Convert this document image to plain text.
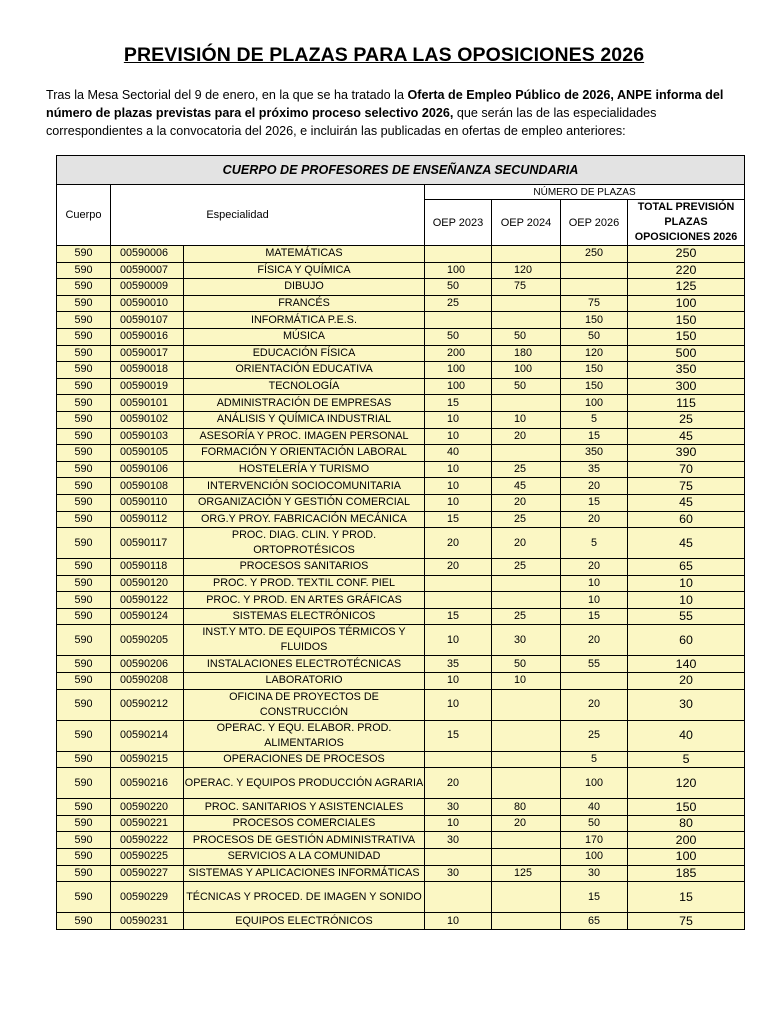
PREVISIÓN DE PLAZAS PARA LAS OPOSICIONES 2026
Tras la Mesa Sectorial del 9 de enero, en la que se ha tratado la Oferta de Empleo Público de 2026, ANPE informa del número de plazas previstas para el próximo proceso selectivo 2026, que serán las de las especialidades correspondientes a la convocatoria del 2026, e incluirán las publicadas en ofertas de empleo anteriores:
CUERPO DE PROFESORES DE ENSEÑANZA SECUNDARIA						
Cuerpo	Especialidad		NÚMERO DE PLAZAS			
			OEP 2023	OEP 2024	OEP 2026	TOTAL PREVISIÓN PLAZAS OPOSICIONES 2026
590	00590006	MATEMÁTICAS			250	250
590	00590007	FÍSICA Y QUÍMICA	100	120		220
590	00590009	DIBUJO	50	75		125
590	00590010	FRANCÉS	25		75	100
590	00590107	INFORMÁTICA P.E.S.			150	150
590	00590016	MÚSICA	50	50	50	150
590	00590017	EDUCACIÓN FÍSICA	200	180	120	500
590	00590018	ORIENTACIÓN EDUCATIVA	100	100	150	350
590	00590019	TECNOLOGÍA	100	50	150	300
590	00590101	ADMINISTRACIÓN DE EMPRESAS	15		100	115
590	00590102	ANÁLISIS Y QUÍMICA INDUSTRIAL	10	10	5	25
590	00590103	ASESORÍA Y PROC. IMAGEN PERSONAL	10	20	15	45
590	00590105	FORMACIÓN Y ORIENTACIÓN LABORAL	40		350	390
590	00590106	HOSTELERÍA Y TURISMO	10	25	35	70
590	00590108	INTERVENCIÓN SOCIOCOMUNITARIA	10	45	20	75
590	00590110	ORGANIZACIÓN Y GESTIÓN COMERCIAL	10	20	15	45
590	00590112	ORG.Y PROY. FABRICACIÓN MECÁNICA	15	25	20	60
590	00590117	PROC. DIAG. CLIN. Y PROD. ORTOPROTÉSICOS	20	20	5	45
590	00590118	PROCESOS SANITARIOS	20	25	20	65
590	00590120	PROC. Y PROD. TEXTIL CONF. PIEL			10	10
590	00590122	PROC. Y PROD. EN ARTES GRÁFICAS			10	10
590	00590124	SISTEMAS ELECTRÓNICOS	15	25	15	55
590	00590205	INST.Y MTO. DE EQUIPOS TÉRMICOS Y FLUIDOS	10	30	20	60
590	00590206	INSTALACIONES ELECTROTÉCNICAS	35	50	55	140
590	00590208	LABORATORIO	10	10		20
590	00590212	OFICINA DE PROYECTOS DE CONSTRUCCIÓN	10		20	30
590	00590214	OPERAC. Y EQU. ELABOR. PROD. ALIMENTARIOS	15		25	40
590	00590215	OPERACIONES DE PROCESOS			5	5
590	00590216	OPERAC. Y EQUIPOS PRODUCCIÓN AGRARIA	20		100	120
590	00590220	PROC. SANITARIOS Y ASISTENCIALES	30	80	40	150
590	00590221	PROCESOS COMERCIALES	10	20	50	80
590	00590222	PROCESOS DE GESTIÓN ADMINISTRATIVA	30		170	200
590	00590225	SERVICIOS A LA COMUNIDAD			100	100
590	00590227	SISTEMAS Y APLICACIONES INFORMÁTICAS	30	125	30	185
590	00590229	TÉCNICAS Y PROCED. DE IMAGEN Y SONIDO			15	15
590	00590231	EQUIPOS ELECTRÓNICOS	10		65	75
